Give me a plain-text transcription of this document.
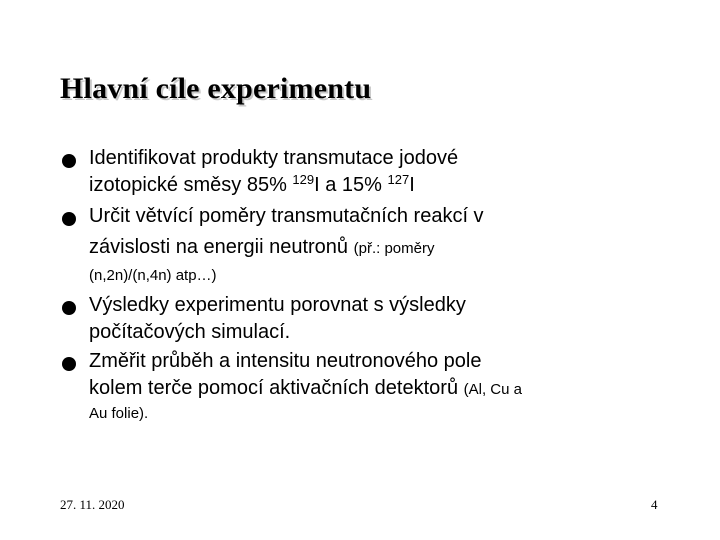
Hlavní cíle experimentu
Identifikovat produkty transmutace jodové
izotopické směsy 85% $^{129}$I a 15% $^{127}$I
Určit větvící poměry transmutačních reakcí v
závislosti na energii neutronů (př.: poměry
(n,2n)/(n,4n) atp…)
Výsledky experimentu porovnat s výsledky
počítačových simulací.
Změřit průběh a intensitu neutronového pole
kolem terče pomocí aktivačních detektorů (Al, Cu a
Au folie).
27. 11. 2020	4
